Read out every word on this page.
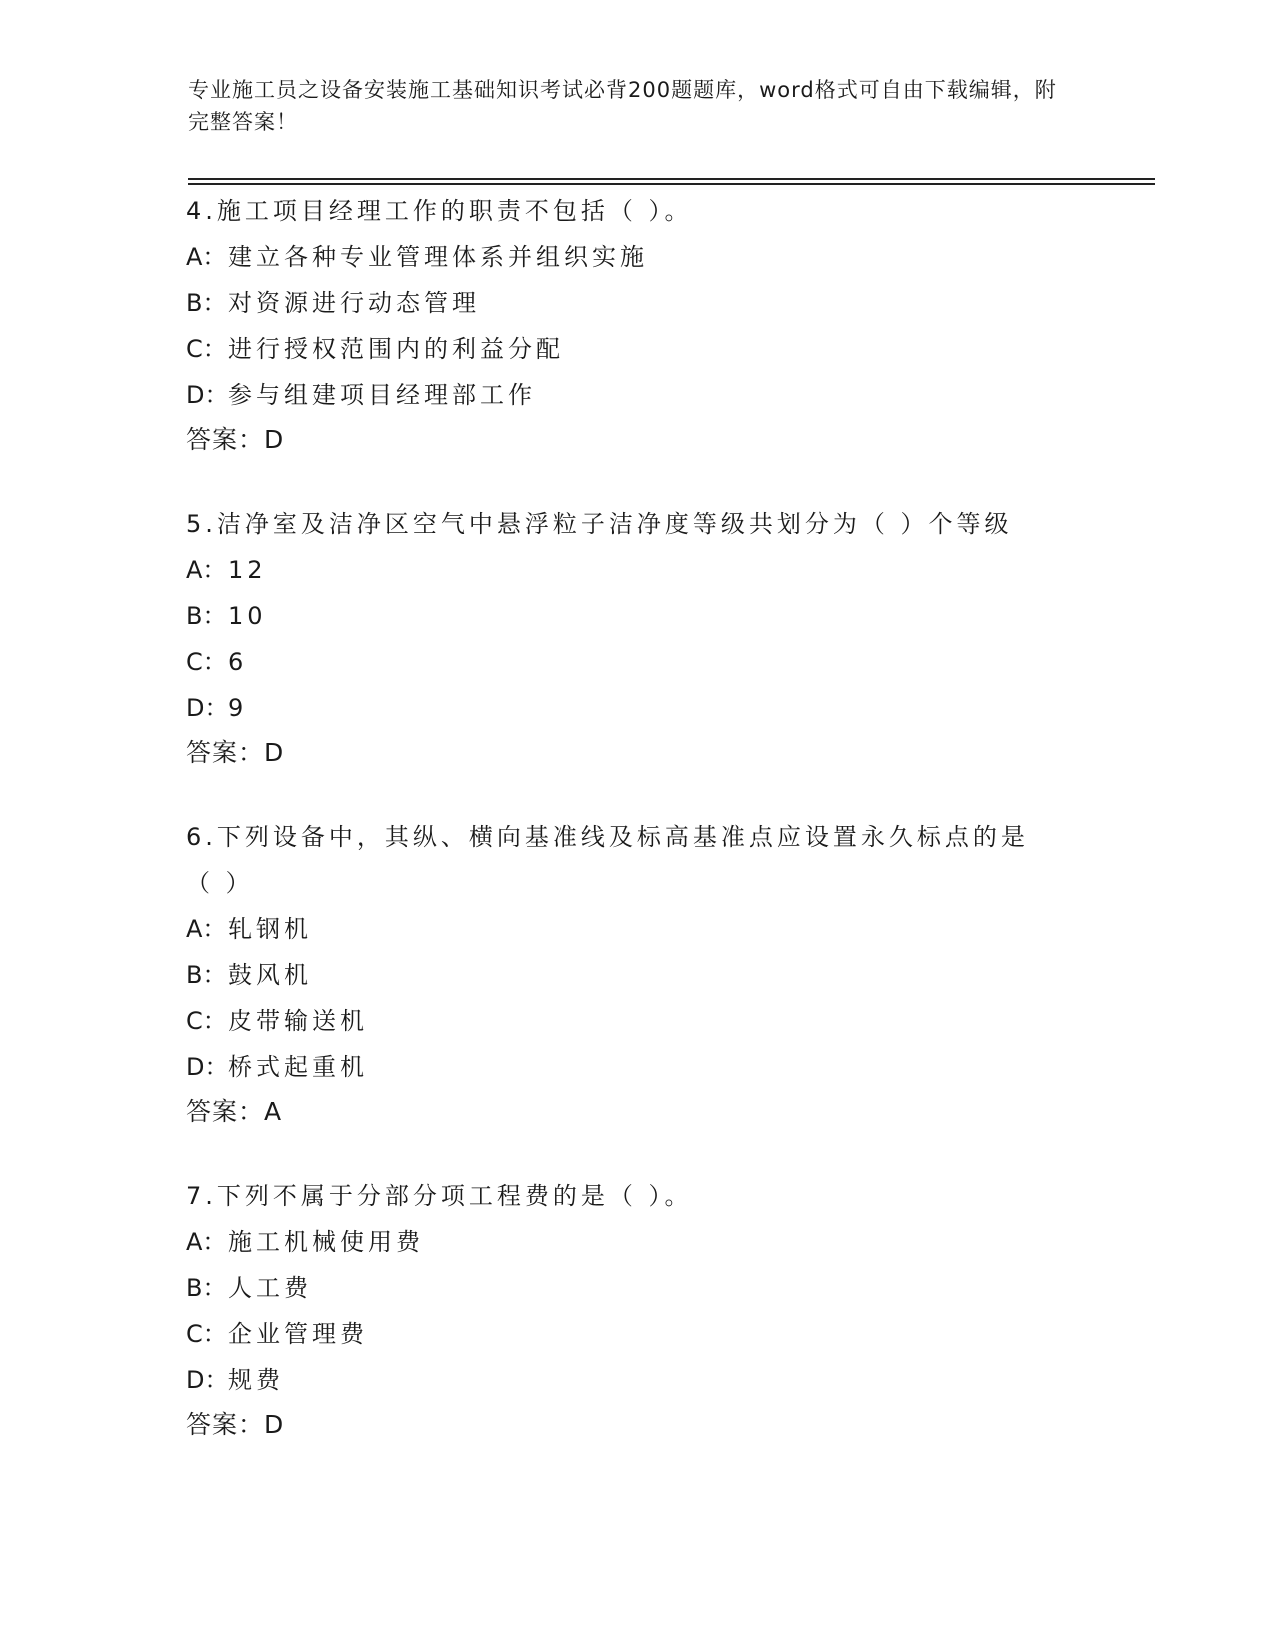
专业施工员之设备安装施工基础知识考试必背200题题库，word格式可自由下载编辑，附完整答案！
4.施工项目经理工作的职责不包括（ ）。
A：建立各种专业管理体系并组织实施
B：对资源进行动态管理
C：进行授权范围内的利益分配
D：参与组建项目经理部工作
答案：D
5.洁净室及洁净区空气中悬浮粒子洁净度等级共划分为（ ）个等级
A：12
B：10
C：6
D：9
答案：D
6.下列设备中，其纵、横向基准线及标高基准点应设置永久标点的是（ ）
A：轧钢机
B：鼓风机
C：皮带输送机
D：桥式起重机
答案：A
7.下列不属于分部分项工程费的是（ ）。
A：施工机械使用费
B：人工费
C：企业管理费
D：规费
答案：D
